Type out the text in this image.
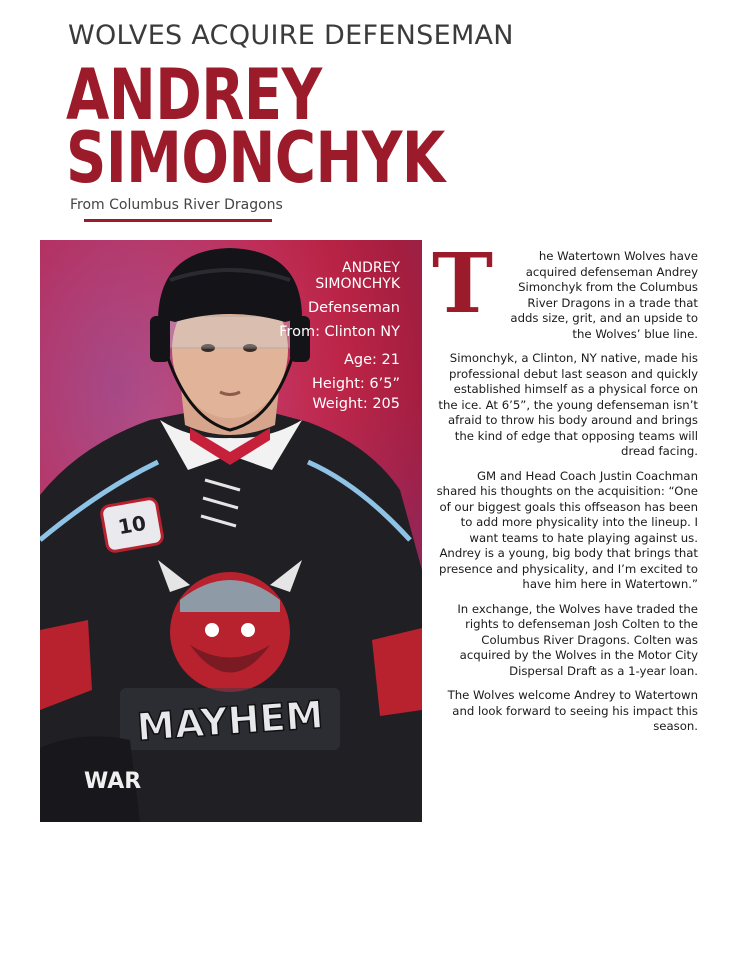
WOLVES ACQUIRE DEFENSEMAN
ANDREY
SIMONCHYK
From Columbus River Dragons
10
MAYHEM
WAR
ANDREY
SIMONCHYK
Defenseman
From: Clinton NY
Age: 21
Height: 6’5”
Weight: 205

T	he Watertown Wolves have acquired defenseman Andrey Simonchyk from the Columbus River Dragons in a trade that adds size, grit, and an upside to the Wolves’ blue line.

Simonchyk, a Clinton, NY native, made his professional debut last season and quickly established himself as a physical force on the ice. At 6’5”, the young defenseman isn’t afraid to throw his body around and brings the kind of edge that opposing teams will dread facing.

GM and Head Coach Justin Coachman shared his thoughts on the acquisition: “One of our biggest goals this offseason has been to add more physicality into the lineup. I want teams to hate playing against us. Andrey is a young, big body that brings that presence and physicality, and I’m excited to have him here in Watertown.”

In exchange, the Wolves have traded the rights to defenseman Josh Colten to the Columbus River Dragons. Colten was acquired by the Wolves in the Motor City Dispersal Draft as a 1-year loan.

The Wolves welcome Andrey to Watertown and look forward to seeing his impact this season.
